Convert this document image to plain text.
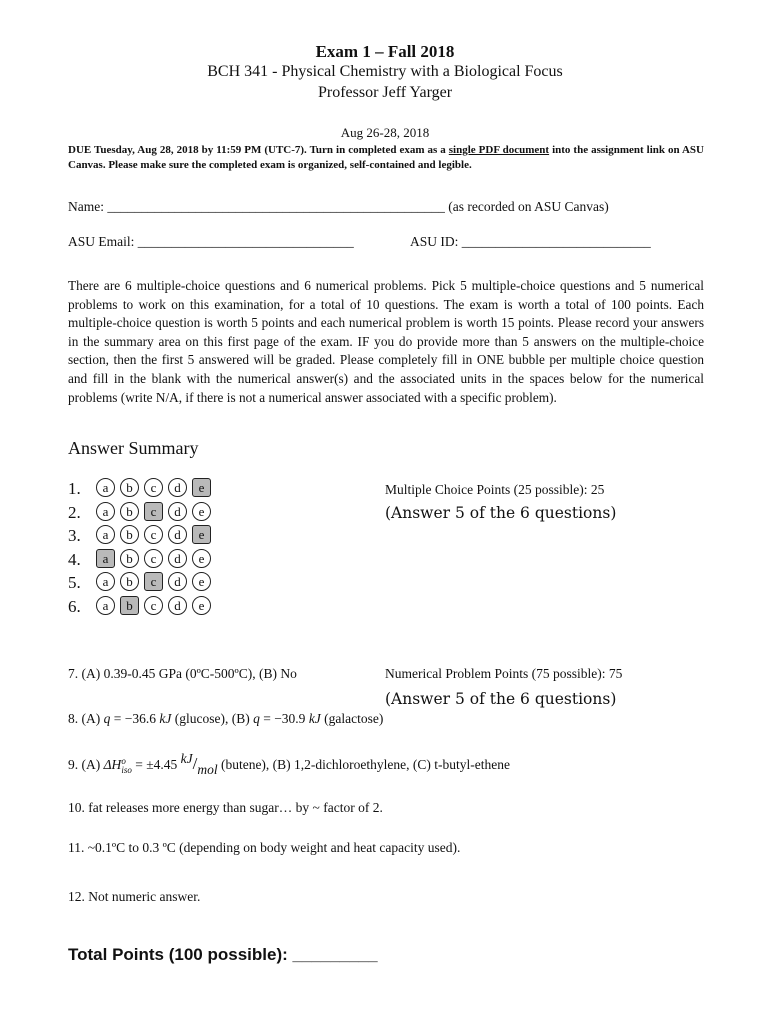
Exam 1 – Fall 2018
BCH 341 - Physical Chemistry with a Biological Focus
Professor Jeff Yarger
Aug 26-28, 2018
DUE Tuesday, Aug 28, 2018 by 11:59 PM (UTC-7). Turn in completed exam as a single PDF document into the assignment link on ASU Canvas. Please make sure the completed exam is organized, self-contained and legible.
Name: __________________________________________________ (as recorded on ASU Canvas)
ASU Email: ________________________________	ASU ID: ____________________________
There are 6 multiple-choice questions and 6 numerical problems. Pick 5 multiple-choice questions and 5 numerical problems to work on this examination, for a total of 10 questions. The exam is worth a total of 100 points. Each multiple-choice question is worth 5 points and each numerical problem is worth 15 points. Please record your answers in the summary area on this first page of the exam. IF you do provide more than 5 answers on the multiple-choice section, then the first 5 answered will be graded. Please completely fill in ONE bubble per multiple choice question and fill in the blank with the numerical answer(s) and the associated units in the spaces below for the numerical problems (write N/A, if there is not a numerical answer associated with a specific problem).
Answer Summary
1.	a	b	c	d	e
2.	a	b	c	d	e
3.	a	b	c	d	e
4.	a	b	c	d	e
5.	a	b	c	d	e
6.	a	b	c	d	e
Multiple Choice Points (25 possible): 25
(Answer 5 of the 6 questions)
7. (A) 0.39-0.45 GPa (0ºC-500ºC), (B) No	Numerical Problem Points (75 possible): 75
(Answer 5 of the 6 questions)
8. (A) q = −36.6 kJ (glucose), (B) q = −30.9 kJ (galactose)
9. (A) ΔH o
iso = ±4.45 kJ/mol (butene), (B) 1,2-dichloroethylene, (C) t-butyl-ethene
10. fat releases more energy than sugar… by ~ factor of 2.
11. ~0.1ºC to 0.3 ºC (depending on body weight and heat capacity used).
12. Not numeric answer.
Total Points (100 possible): _________
